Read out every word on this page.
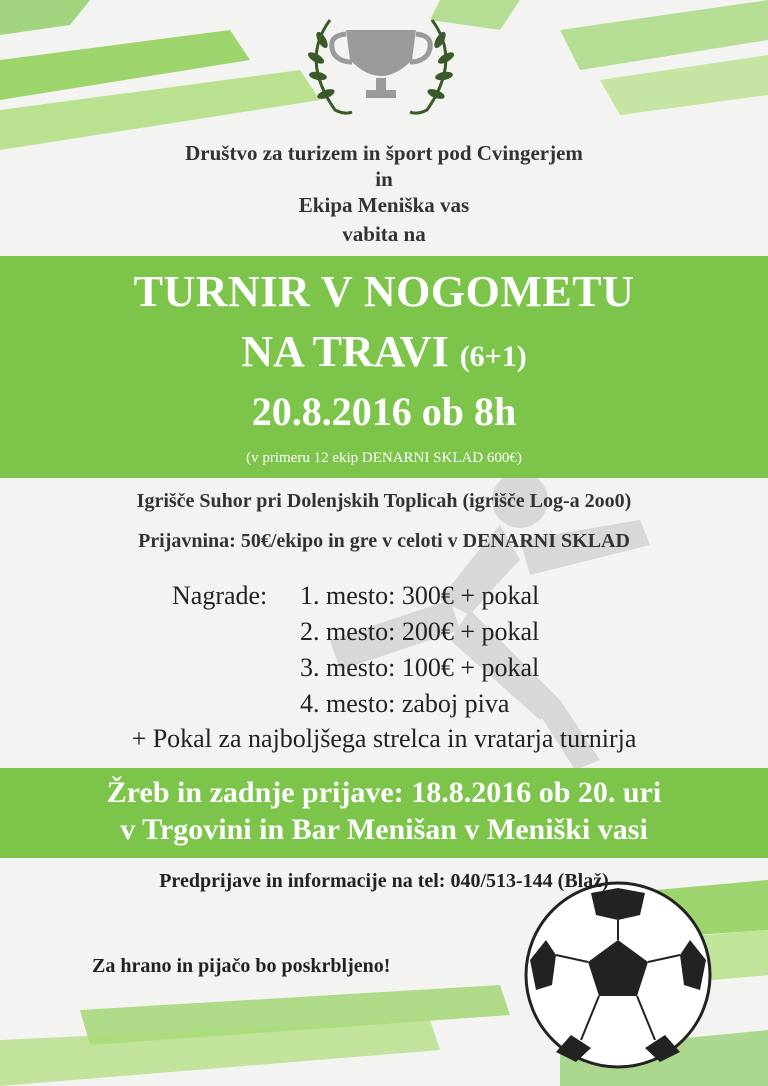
Društvo za turizem in šport pod Cvingerjem
in
Ekipa Meniška vas
vabita na
TURNIR V NOGOMETU
NA TRAVI (6+1)
20.8.2016 ob 8h
(v primeru 12 ekip DENARNI SKLAD 600€)
Igrišče Suhor pri Dolenjskih Toplicah (igrišče Log-a 2oo0)
Prijavnina: 50€/ekipo in gre v celoti v DENARNI SKLAD
Nagrade: 1. mesto: 300€ + pokal
2. mesto: 200€ + pokal
3. mesto: 100€ + pokal
4. mesto: zaboj piva
+ Pokal za najboljšega strelca in vratarja turnirja
Žreb in zadnje prijave: 18.8.2016 ob 20. uri
v Trgovini in Bar Menišan v Meniški vasi
Predprijave in informacije na tel: 040/513-144 (Blaž)
Za hrano in pijačo bo poskrbljeno!
